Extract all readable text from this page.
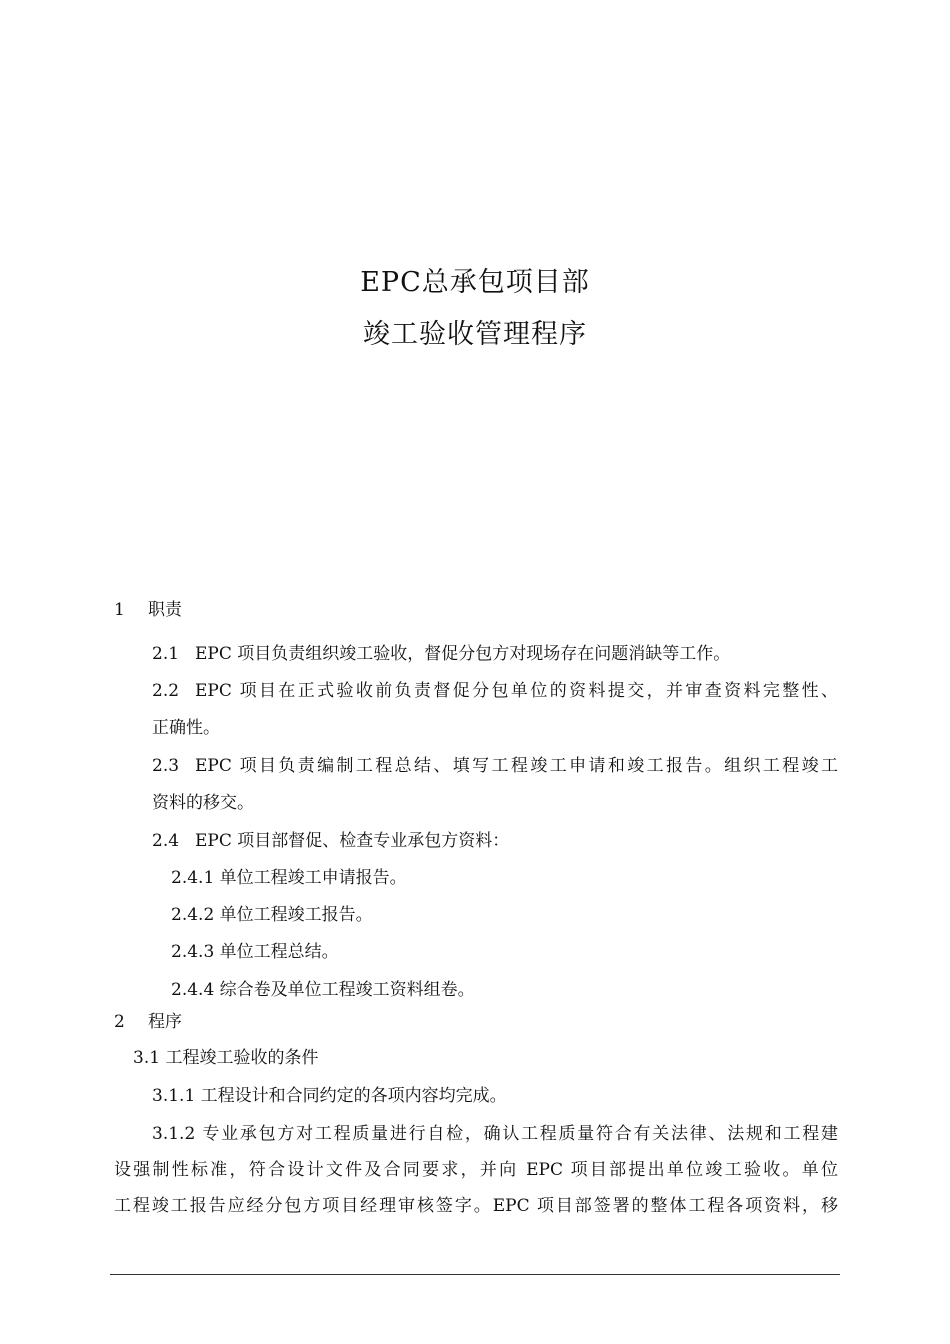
EPC总承包项目部
竣工验收管理程序
1 职责
2.1 EPC 项目负责组织竣工验收，督促分包方对现场存在问题消缺等工作。
2.2 EPC 项目在正式验收前负责督促分包单位的资料提交，并审查资料完整性、
正确性。
2.3 EPC 项目负责编制工程总结、填写工程竣工申请和竣工报告。组织工程竣工
资料的移交。
2.4 EPC 项目部督促、检查专业承包方资料：
2.4.1 单位工程竣工申请报告。
2.4.2 单位工程竣工报告。
2.4.3 单位工程总结。
2.4.4 综合卷及单位工程竣工资料组卷。
2 程序
3.1 工程竣工验收的条件
3.1.1 工程设计和合同约定的各项内容均完成。
3.1.2 专业承包方对工程质量进行自检，确认工程质量符合有关法律、法规和工程建
设强制性标准，符合设计文件及合同要求，并向 EPC 项目部提出单位竣工验收。单位
工程竣工报告应经分包方项目经理审核签字。EPC 项目部签署的整体工程各项资料，移
